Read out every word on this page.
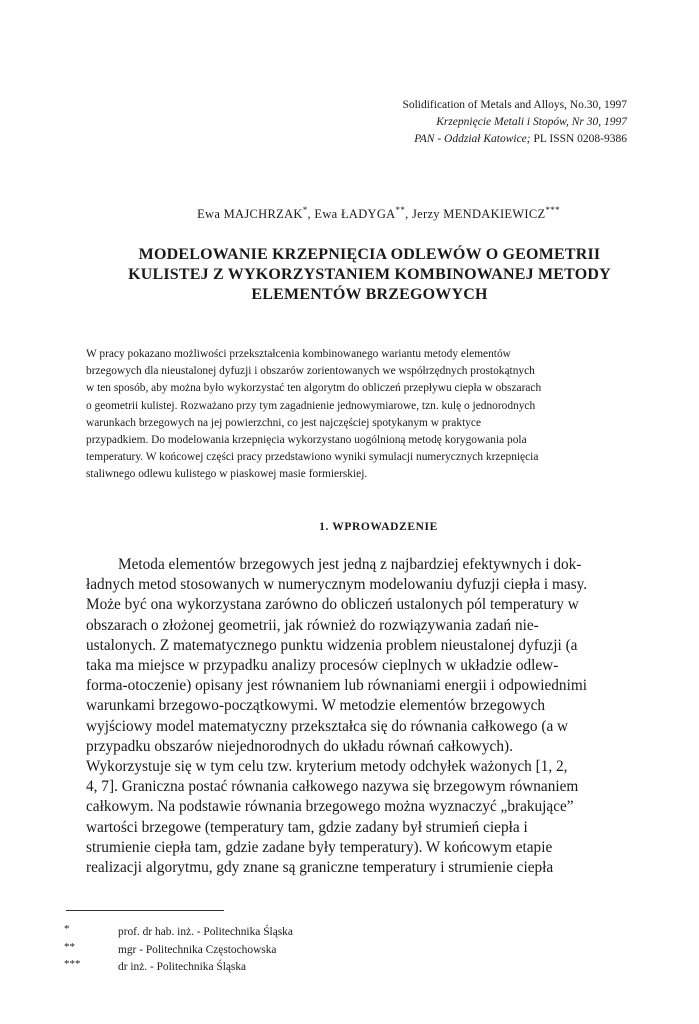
Solidification of Metals and Alloys, No.30, 1997
Krzepnięcie Metali i Stopów, Nr 30, 1997
PAN - Oddział Katowice; PL ISSN 0208-9386
Ewa MAJCHRZAK*, Ewa ŁADYGA**, Jerzy MENDAKIEWICZ***
MODELOWANIE KRZEPNIĘCIA ODLEWÓW O GEOMETRII
KULISTEJ Z WYKORZYSTANIEM KOMBINOWANEJ METODY
ELEMENTÓW BRZEGOWYCH
W pracy pokazano możliwości przekształcenia kombinowanego wariantu metody elementów
brzegowych dla nieustalonej dyfuzji i obszarów zorientowanych we współrzędnych prostokątnych
w ten sposób, aby można było wykorzystać ten algorytm do obliczeń przepływu ciepła w obszarach
o geometrii kulistej. Rozważano przy tym zagadnienie jednowymiarowe, tzn. kulę o jednorodnych
warunkach brzegowych na jej powierzchni, co jest najczęściej spotykanym w praktyce
przypadkiem. Do modelowania krzepnięcia wykorzystano uogólnioną metodę korygowania pola
temperatury. W końcowej części pracy przedstawiono wyniki symulacji numerycznych krzepnięcia
staliwnego odlewu kulistego w piaskowej masie formierskiej.
1. WPROWADZENIE
Metoda elementów brzegowych jest jedną z najbardziej efektywnych i dok-
ładnych metod stosowanych w numerycznym modelowaniu dyfuzji ciepła i masy.
Może być ona wykorzystana zarówno do obliczeń ustalonych pól temperatury w
obszarach o złożonej geometrii, jak również do rozwiązywania zadań nie-
ustalonych. Z matematycznego punktu widzenia problem nieustalonej dyfuzji (a
taka ma miejsce w przypadku analizy procesów cieplnych w układzie odlew-
forma-otoczenie) opisany jest równaniem lub równaniami energii i odpowiednimi
warunkami brzegowo-początkowymi. W metodzie elementów brzegowych
wyjściowy model matematyczny przekształca się do równania całkowego (a w
przypadku obszarów niejednorodnych do układu równań całkowych).
Wykorzystuje się w tym celu tzw. kryterium metody odchyłek ważonych [1, 2,
4, 7]. Graniczna postać równania całkowego nazywa się brzegowym równaniem
całkowym. Na podstawie równania brzegowego można wyznaczyć „brakujące”
wartości brzegowe (temperatury tam, gdzie zadany był strumień ciepła i
strumienie ciepła tam, gdzie zadane były temperatury). W końcowym etapie
realizacji algorytmu, gdy znane są graniczne temperatury i strumienie ciepła
*	prof. dr hab. inż. - Politechnika Śląska
**	mgr - Politechnika Częstochowska
***	dr inż. - Politechnika Śląska
